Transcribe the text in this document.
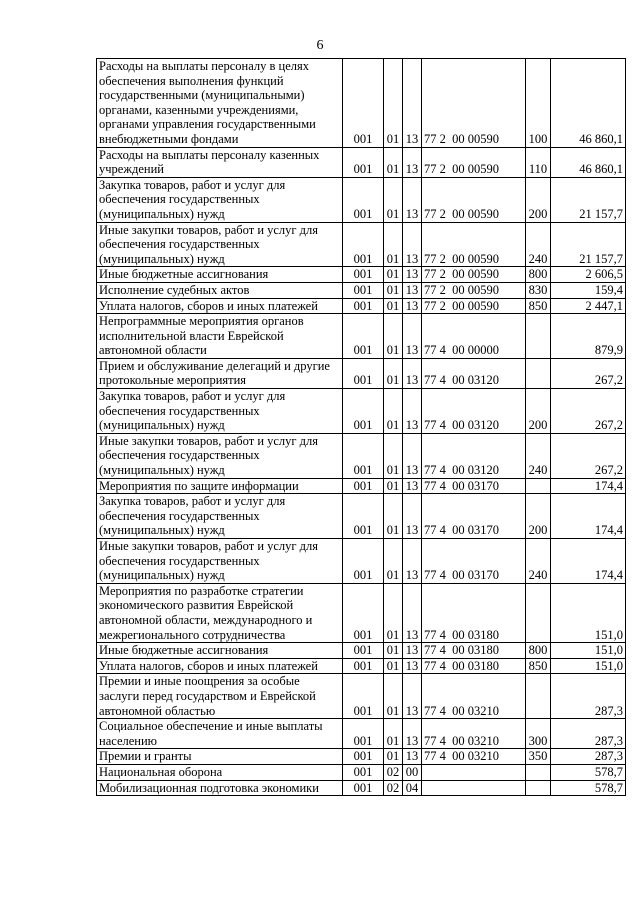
6
Расходы на выплаты персоналу в целях обеспечения выполнения функций государственными (муниципальными) органами, казенными учреждениями, органами управления государственными внебюджетными фондами	001	01	13	77 2  00 00590	100	46 860,1
Расходы на выплаты персоналу казенных учреждений	001	01	13	77 2  00 00590	110	46 860,1
Закупка товаров, работ и услуг для обеспечения государственных (муниципальных) нужд	001	01	13	77 2  00 00590	200	21 157,7
Иные закупки товаров, работ и услуг для обеспечения государственных (муниципальных) нужд	001	01	13	77 2  00 00590	240	21 157,7
Иные бюджетные ассигнования	001	01	13	77 2  00 00590	800	2 606,5
Исполнение судебных актов	001	01	13	77 2  00 00590	830	159,4
Уплата налогов, сборов и иных платежей	001	01	13	77 2  00 00590	850	2 447,1
Непрограммные мероприятия органов исполнительной власти Еврейской автономной области	001	01	13	77 4  00 00000		879,9
Прием и обслуживание делегаций и другие протокольные мероприятия	001	01	13	77 4  00 03120		267,2
Закупка товаров, работ и услуг для обеспечения государственных (муниципальных) нужд	001	01	13	77 4  00 03120	200	267,2
Иные закупки товаров, работ и услуг для обеспечения государственных (муниципальных) нужд	001	01	13	77 4  00 03120	240	267,2
Мероприятия по защите информации	001	01	13	77 4  00 03170		174,4
Закупка товаров, работ и услуг для обеспечения государственных (муниципальных) нужд	001	01	13	77 4  00 03170	200	174,4
Иные закупки товаров, работ и услуг для обеспечения государственных (муниципальных) нужд	001	01	13	77 4  00 03170	240	174,4
Мероприятия по разработке стратегии экономического развития Еврейской автономной области, международного и межрегионального сотрудничества	001	01	13	77 4  00 03180		151,0
Иные бюджетные ассигнования	001	01	13	77 4  00 03180	800	151,0
Уплата налогов, сборов и иных платежей	001	01	13	77 4  00 03180	850	151,0
Премии и иные поощрения за особые заслуги перед государством и Еврейской автономной областью	001	01	13	77 4  00 03210		287,3
Социальное обеспечение и иные выплаты населению	001	01	13	77 4  00 03210	300	287,3
Премии и гранты	001	01	13	77 4  00 03210	350	287,3
Национальная оборона	001	02	00			578,7
Мобилизационная подготовка экономики	001	02	04			578,7
